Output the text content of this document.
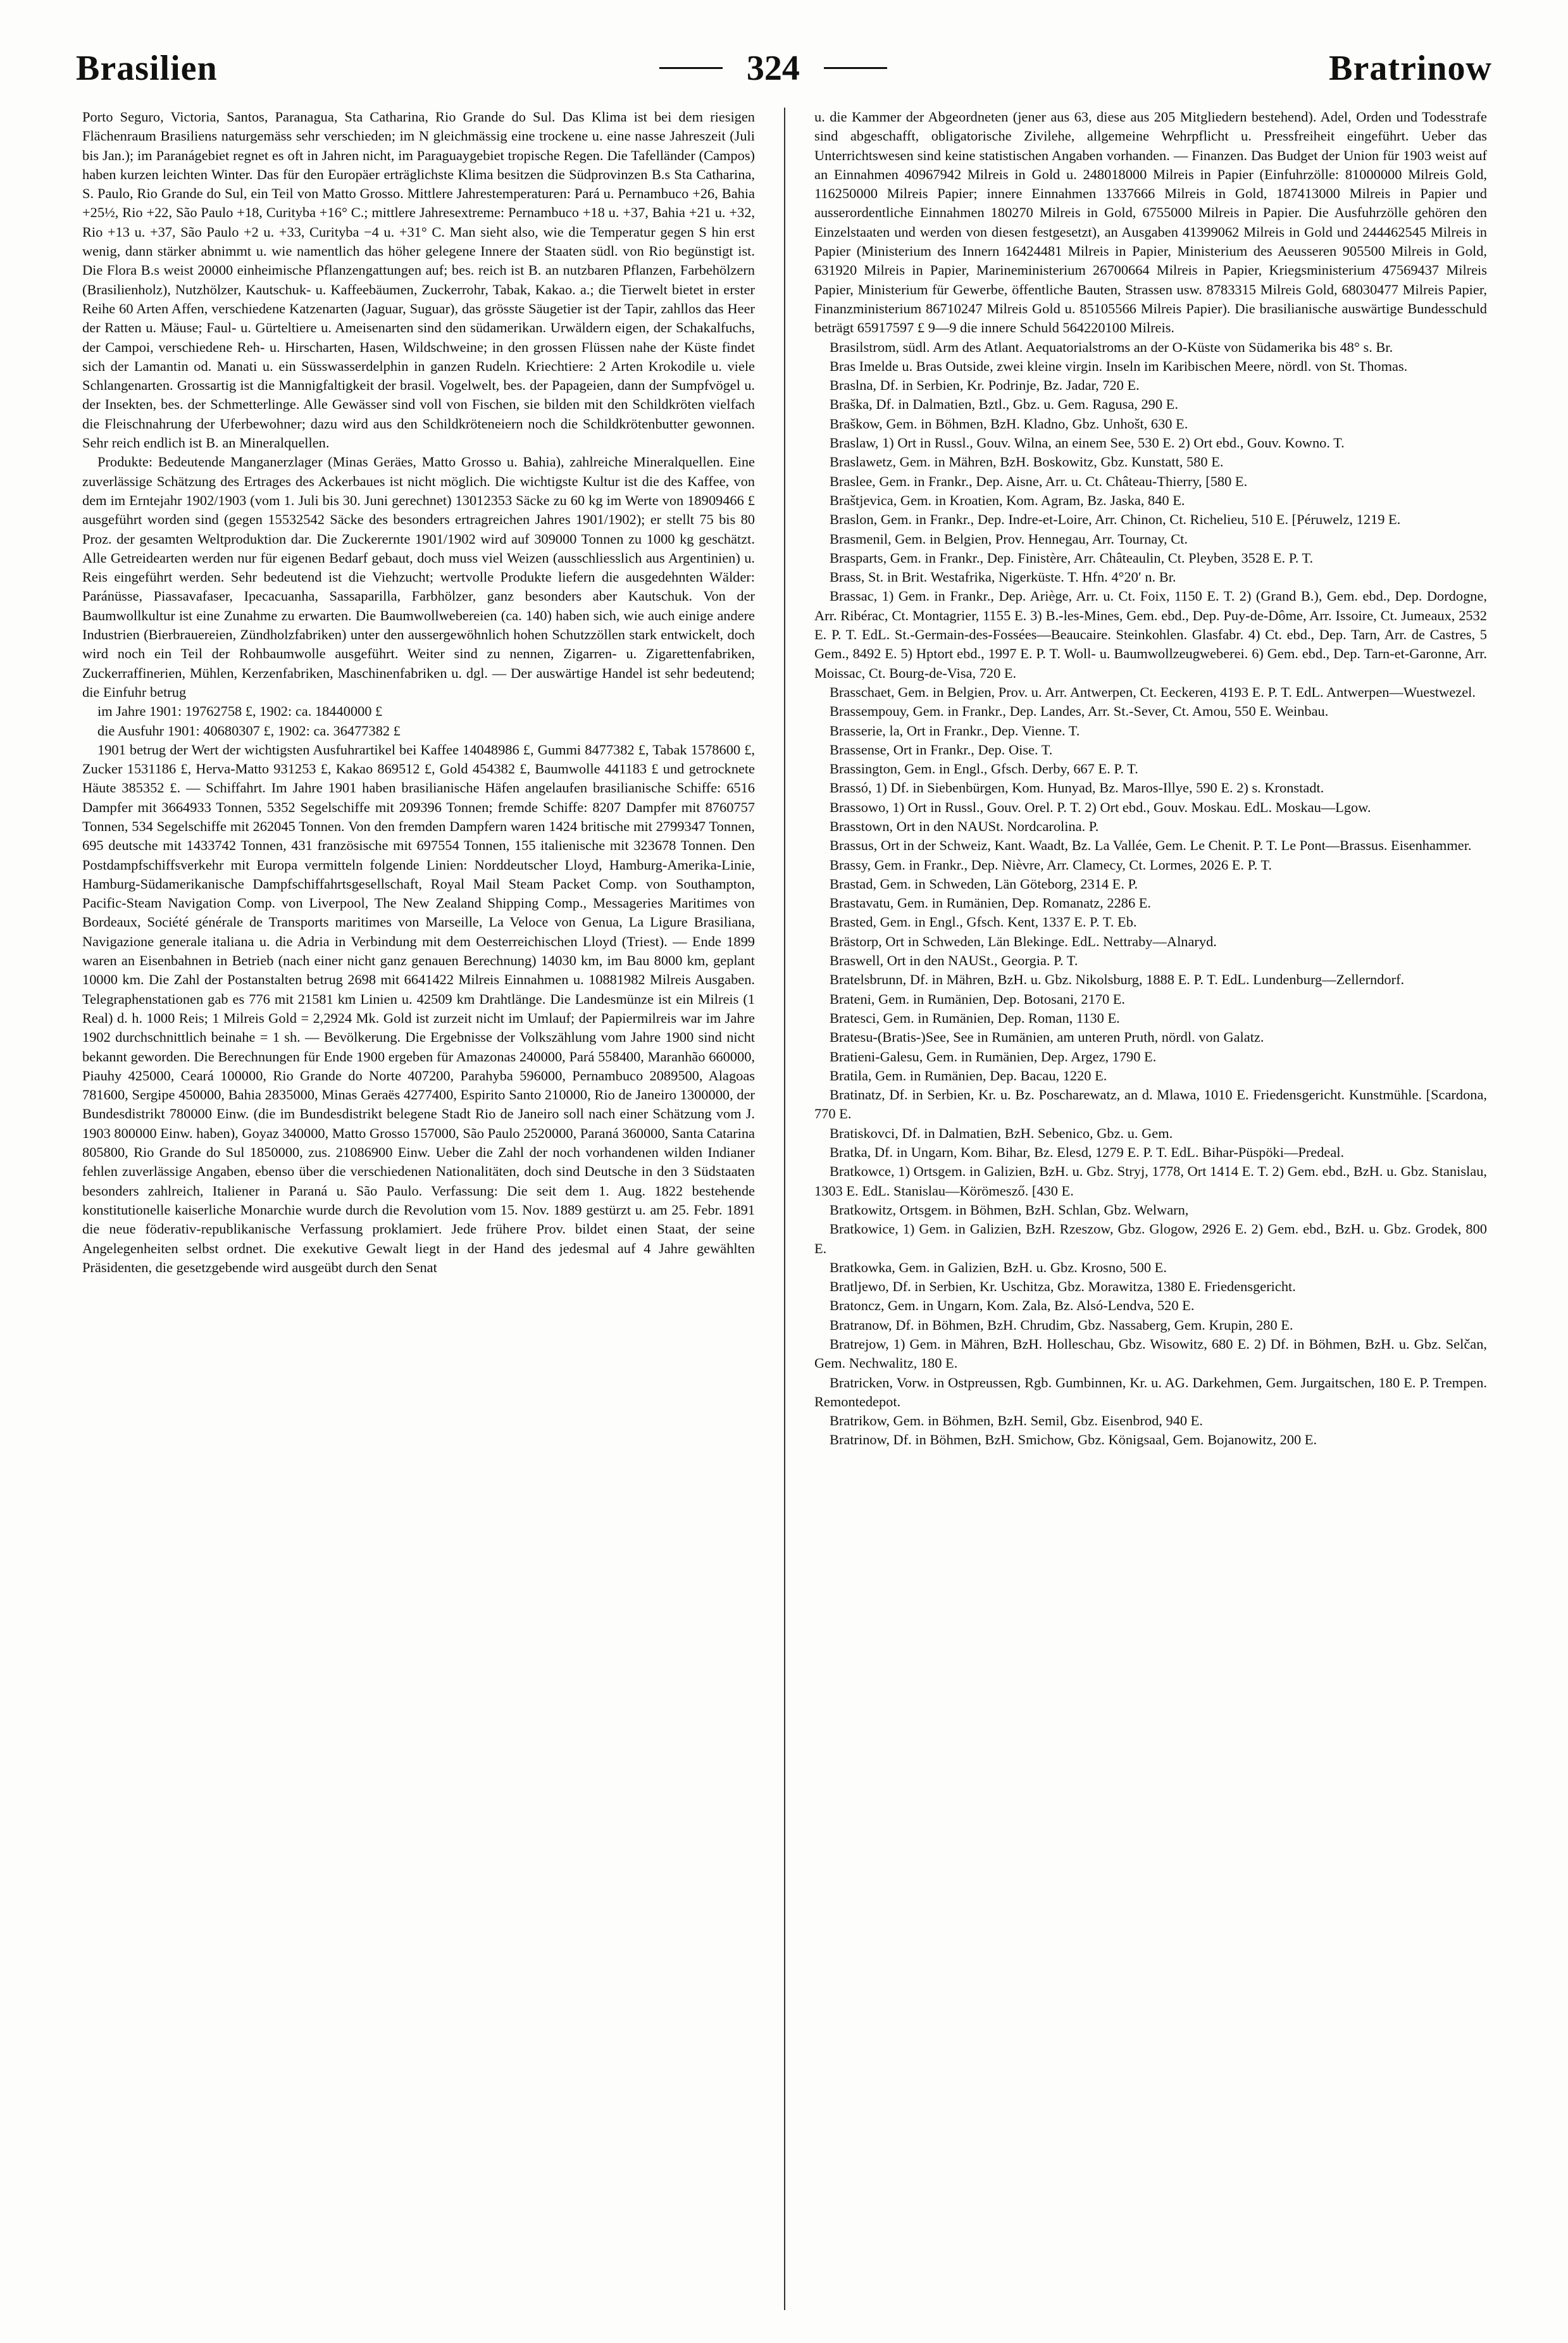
Brasilien	324	Bratrinow

Porto Seguro, Victoria, Santos, Paranagua, Sta Catharina, Rio Grande do Sul. Das Klima ist bei dem riesigen Flächenraum Brasiliens naturgemäss sehr verschieden; im N gleichmässig eine trockene u. eine nasse Jahreszeit (Juli bis Jan.); im Paranágebiet regnet es oft in Jahren nicht, im Paraguaygebiet tropische Regen. Die Tafelländer (Campos) haben kurzen leichten Winter. Das für den Europäer erträglichste Klima besitzen die Südprovinzen B.s Sta Catharina, S. Paulo, Rio Grande do Sul, ein Teil von Matto Grosso. Mittlere Jahrestemperaturen: Pará u. Pernambuco +26, Bahia +25½, Rio +22, São Paulo +18, Curityba +16° C.; mittlere Jahresextreme: Pernambuco +18 u. +37, Bahia +21 u. +32, Rio +13 u. +37, São Paulo +2 u. +33, Curityba −4 u. +31° C. Man sieht also, wie die Temperatur gegen S hin erst wenig, dann stärker abnimmt u. wie namentlich das höher gelegene Innere der Staaten südl. von Rio begünstigt ist. Die Flora B.s weist 20000 einheimische Pflanzengattungen auf; bes. reich ist B. an nutzbaren Pflanzen, Farbehölzern (Brasilienholz), Nutzhölzer, Kautschuk- u. Kaffeebäumen, Zuckerrohr, Tabak, Kakao. a.; die Tierwelt bietet in erster Reihe 60 Arten Affen, verschiedene Katzenarten (Jaguar, Suguar), das grösste Säugetier ist der Tapir, zahllos das Heer der Ratten u. Mäuse; Faul- u. Gürteltiere u. Ameisenarten sind den südamerikan. Urwäldern eigen, der Schakalfuchs, der Campoi, verschiedene Reh- u. Hirscharten, Hasen, Wildschweine; in den grossen Flüssen nahe der Küste findet sich der Lamantin od. Manati u. ein Süsswasserdelphin in ganzen Rudeln. Kriechtiere: 2 Arten Krokodile u. viele Schlangenarten. Grossartig ist die Mannigfaltigkeit der brasil. Vogelwelt, bes. der Papageien, dann der Sumpfvögel u. der Insekten, bes. der Schmetterlinge. Alle Gewässer sind voll von Fischen, sie bilden mit den Schildkröten vielfach die Fleischnahrung der Uferbewohner; dazu wird aus den Schildkröteneiern noch die Schildkrötenbutter gewonnen. Sehr reich endlich ist B. an Mineralquellen.

Produkte: Bedeutende Manganerzlager (Minas Geräes, Matto Grosso u. Bahia), zahlreiche Mineralquellen. Eine zuverlässige Schätzung des Ertrages des Ackerbaues ist nicht möglich. Die wichtigste Kultur ist die des Kaffee, von dem im Erntejahr 1902/1903 (vom 1. Juli bis 30. Juni gerechnet) 13012353 Säcke zu 60 kg im Werte von 18909466 £ ausgeführt worden sind (gegen 15532542 Säcke des besonders ertragreichen Jahres 1901/1902); er stellt 75 bis 80 Proz. der gesamten Weltproduktion dar. Die Zuckerernte 1901/1902 wird auf 309000 Tonnen zu 1000 kg geschätzt. Alle Getreidearten werden nur für eigenen Bedarf gebaut, doch muss viel Weizen (ausschliesslich aus Argentinien) u. Reis eingeführt werden. Sehr bedeutend ist die Viehzucht; wertvolle Produkte liefern die ausgedehnten Wälder: Paránüsse, Piassavafaser, Ipecacuanha, Sassaparilla, Farbhölzer, ganz besonders aber Kautschuk. Von der Baumwollkultur ist eine Zunahme zu erwarten. Die Baumwollwebereien (ca. 140) haben sich, wie auch einige andere Industrien (Bierbrauereien, Zündholzfabriken) unter den aussergewöhnlich hohen Schutzzöllen stark entwickelt, doch wird noch ein Teil der Rohbaumwolle ausgeführt. Weiter sind zu nennen, Zigarren- u. Zigarettenfabriken, Zuckerraffinerien, Mühlen, Kerzenfabriken, Maschinenfabriken u. dgl. — Der auswärtige Handel ist sehr bedeutend; die Einfuhr betrug

im Jahre 1901: 19762758 £, 1902: ca. 18440000 £

die Ausfuhr 1901: 40680307 £, 1902: ca. 36477382 £

1901 betrug der Wert der wichtigsten Ausfuhrartikel bei Kaffee 14048986 £, Gummi 8477382 £, Tabak 1578600 £, Zucker 1531186 £, Herva-Matto 931253 £, Kakao 869512 £, Gold 454382 £, Baumwolle 441183 £ und getrocknete Häute 385352 £. — Schiffahrt. Im Jahre 1901 haben brasilianische Häfen angelaufen brasilianische Schiffe: 6516 Dampfer mit 3664933 Tonnen, 5352 Segelschiffe mit 209396 Tonnen; fremde Schiffe: 8207 Dampfer mit 8760757 Tonnen, 534 Segelschiffe mit 262045 Tonnen. Von den fremden Dampfern waren 1424 britische mit 2799347 Tonnen, 695 deutsche mit 1433742 Tonnen, 431 französische mit 697554 Tonnen, 155 italienische mit 323678 Tonnen. Den Postdampfschiffsverkehr mit Europa vermitteln folgende Linien: Norddeutscher Lloyd, Hamburg-Amerika-Linie, Hamburg-Südamerikanische Dampfschiffahrtsgesellschaft, Royal Mail Steam Packet Comp. von Southampton, Pacific-Steam Navigation Comp. von Liverpool, The New Zealand Shipping Comp., Messageries Maritimes von Bordeaux, Société générale de Transports maritimes von Marseille, La Veloce von Genua, La Ligure Brasiliana, Navigazione generale italiana u. die Adria in Verbindung mit dem Oesterreichischen Lloyd (Triest). — Ende 1899 waren an Eisenbahnen in Betrieb (nach einer nicht ganz genauen Berechnung) 14030 km, im Bau 8000 km, geplant 10000 km. Die Zahl der Postanstalten betrug 2698 mit 6641422 Milreis Einnahmen u. 10881982 Milreis Ausgaben. Telegraphenstationen gab es 776 mit 21581 km Linien u. 42509 km Drahtlänge. Die Landesmünze ist ein Milreis (1 Real) d. h. 1000 Reis; 1 Milreis Gold = 2,2924 Mk. Gold ist zurzeit nicht im Umlauf; der Papiermilreis war im Jahre 1902 durchschnittlich beinahe = 1 sh. — Bevölkerung. Die Ergebnisse der Volkszählung vom Jahre 1900 sind nicht bekannt geworden. Die Berechnungen für Ende 1900 ergeben für Amazonas 240000, Pará 558400, Maranhão 660000, Piauhy 425000, Ceará 100000, Rio Grande do Norte 407200, Parahyba 596000, Pernambuco 2089500, Alagoas 781600, Sergipe 450000, Bahia 2835000, Minas Geraës 4277400, Espirito Santo 210000, Rio de Janeiro 1300000, der Bundesdistrikt 780000 Einw. (die im Bundesdistrikt belegene Stadt Rio de Janeiro soll nach einer Schätzung vom J. 1903 800000 Einw. haben), Goyaz 340000, Matto Grosso 157000, São Paulo 2520000, Paraná 360000, Santa Catarina 805800, Rio Grande do Sul 1850000, zus. 21086900 Einw. Ueber die Zahl der noch vorhandenen wilden Indianer fehlen zuverlässige Angaben, ebenso über die verschiedenen Nationalitäten, doch sind Deutsche in den 3 Südstaaten besonders zahlreich, Italiener in Paraná u. São Paulo. Verfassung: Die seit dem 1. Aug. 1822 bestehende konstitutionelle kaiserliche Monarchie wurde durch die Revolution vom 15. Nov. 1889 gestürzt u. am 25. Febr. 1891 die neue föderativ-republikanische Verfassung proklamiert. Jede frühere Prov. bildet einen Staat, der seine Angelegenheiten selbst ordnet. Die exekutive Gewalt liegt in der Hand des jedesmal auf 4 Jahre gewählten Präsidenten, die gesetzgebende wird ausgeübt durch den Senat

u. die Kammer der Abgeordneten (jener aus 63, diese aus 205 Mitgliedern bestehend). Adel, Orden und Todesstrafe sind abgeschafft, obligatorische Zivilehe, allgemeine Wehrpflicht u. Pressfreiheit eingeführt. Ueber das Unterrichtswesen sind keine statistischen Angaben vorhanden. — Finanzen. Das Budget der Union für 1903 weist auf an Einnahmen 40967942 Milreis in Gold u. 248018000 Milreis in Papier (Einfuhrzölle: 81000000 Milreis Gold, 116250000 Milreis Papier; innere Einnahmen 1337666 Milreis in Gold, 187413000 Milreis in Papier und ausserordentliche Einnahmen 180270 Milreis in Gold, 6755000 Milreis in Papier. Die Ausfuhrzölle gehören den Einzelstaaten und werden von diesen festgesetzt), an Ausgaben 41399062 Milreis in Gold und 244462545 Milreis in Papier (Ministerium des Innern 16424481 Milreis in Papier, Ministerium des Aeusseren 905500 Milreis in Gold, 631920 Milreis in Papier, Marineministerium 26700664 Milreis in Papier, Kriegsministerium 47569437 Milreis Papier, Ministerium für Gewerbe, öffentliche Bauten, Strassen usw. 8783315 Milreis Gold, 68030477 Milreis Papier, Finanzministerium 86710247 Milreis Gold u. 85105566 Milreis Papier). Die brasilianische auswärtige Bundesschuld beträgt 65917597 £ 9—9 die innere Schuld 564220100 Milreis.

Brasilstrom, südl. Arm des Atlant. Aequatorialstroms an der O-Küste von Südamerika bis 48° s. Br.

Bras Imelde u. Bras Outside, zwei kleine virgin. Inseln im Karibischen Meere, nördl. von St. Thomas.

Braslna, Df. in Serbien, Kr. Podrinje, Bz. Jadar, 720 E.

Braška, Df. in Dalmatien, Bztl., Gbz. u. Gem. Ragusa, 290 E.

Braškow, Gem. in Böhmen, BzH. Kladno, Gbz. Unhošt, 630 E.

Braslaw, 1) Ort in Russl., Gouv. Wilna, an einem See, 530 E. 2) Ort ebd., Gouv. Kowno. T.

Braslawetz, Gem. in Mähren, BzH. Boskowitz, Gbz. Kunstatt, 580 E.

Braslee, Gem. in Frankr., Dep. Aisne, Arr. u. Ct. Château-Thierry, [580 E.

Braštjevica, Gem. in Kroatien, Kom. Agram, Bz. Jaska, 840 E.

Braslon, Gem. in Frankr., Dep. Indre-et-Loire, Arr. Chinon, Ct. Richelieu, 510 E. [Péruwelz, 1219 E.

Brasmenil, Gem. in Belgien, Prov. Hennegau, Arr. Tournay, Ct.

Brasparts, Gem. in Frankr., Dep. Finistère, Arr. Châteaulin, Ct. Pleyben, 3528 E. P. T.

Brass, St. in Brit. Westafrika, Nigerküste. T. Hfn. 4°20′ n. Br.

Brassac, 1) Gem. in Frankr., Dep. Ariège, Arr. u. Ct. Foix, 1150 E. T. 2) (Grand B.), Gem. ebd., Dep. Dordogne, Arr. Ribérac, Ct. Montagrier, 1155 E. 3) B.-les-Mines, Gem. ebd., Dep. Puy-de-Dôme, Arr. Issoire, Ct. Jumeaux, 2532 E. P. T. EdL. St.-Germain-des-Fossées—Beaucaire. Steinkohlen. Glasfabr. 4) Ct. ebd., Dep. Tarn, Arr. de Castres, 5 Gem., 8492 E. 5) Hptort ebd., 1997 E. P. T. Woll- u. Baumwollzeugweberei. 6) Gem. ebd., Dep. Tarn-et-Garonne, Arr. Moissac, Ct. Bourg-de-Visa, 720 E.

Brasschaet, Gem. in Belgien, Prov. u. Arr. Antwerpen, Ct. Eeckeren, 4193 E. P. T. EdL. Antwerpen—Wuestwezel.

Brassempouy, Gem. in Frankr., Dep. Landes, Arr. St.-Sever, Ct. Amou, 550 E. Weinbau.

Brasserie, la, Ort in Frankr., Dep. Vienne. T.

Brassense, Ort in Frankr., Dep. Oise. T.

Brassington, Gem. in Engl., Gfsch. Derby, 667 E. P. T.

Brassó, 1) Df. in Siebenbürgen, Kom. Hunyad, Bz. Maros-Illye, 590 E. 2) s. Kronstadt.

Brassowo, 1) Ort in Russl., Gouv. Orel. P. T. 2) Ort ebd., Gouv. Moskau. EdL. Moskau—Lgow.

Brasstown, Ort in den NAUSt. Nordcarolina. P.

Brassus, Ort in der Schweiz, Kant. Waadt, Bz. La Vallée, Gem. Le Chenit. P. T. Le Pont—Brassus. Eisenhammer.

Brassy, Gem. in Frankr., Dep. Nièvre, Arr. Clamecy, Ct. Lormes, 2026 E. P. T.

Brastad, Gem. in Schweden, Län Göteborg, 2314 E. P.

Brastavatu, Gem. in Rumänien, Dep. Romanatz, 2286 E.

Brasted, Gem. in Engl., Gfsch. Kent, 1337 E. P. T. Eb.

Brästorp, Ort in Schweden, Län Blekinge. EdL. Nettraby—Alnaryd.

Braswell, Ort in den NAUSt., Georgia. P. T.

Bratelsbrunn, Df. in Mähren, BzH. u. Gbz. Nikolsburg, 1888 E. P. T. EdL. Lundenburg—Zellerndorf.

Brateni, Gem. in Rumänien, Dep. Botosani, 2170 E.

Bratesci, Gem. in Rumänien, Dep. Roman, 1130 E.

Bratesu-(Bratis-)See, See in Rumänien, am unteren Pruth, nördl. von Galatz.

Bratieni-Galesu, Gem. in Rumänien, Dep. Argez, 1790 E.

Bratila, Gem. in Rumänien, Dep. Bacau, 1220 E.

Bratinatz, Df. in Serbien, Kr. u. Bz. Poscharewatz, an d. Mlawa, 1010 E. Friedensgericht. Kunstmühle. [Scardona, 770 E.

Bratiskovci, Df. in Dalmatien, BzH. Sebenico, Gbz. u. Gem.

Bratka, Df. in Ungarn, Kom. Bihar, Bz. Elesd, 1279 E. P. T. EdL. Bihar-Püspöki—Predeal.

Bratkowce, 1) Ortsgem. in Galizien, BzH. u. Gbz. Stryj, 1778, Ort 1414 E. T. 2) Gem. ebd., BzH. u. Gbz. Stanislau, 1303 E. EdL. Stanislau—Körömesző. [430 E.

Bratkowitz, Ortsgem. in Böhmen, BzH. Schlan, Gbz. Welwarn,

Bratkowice, 1) Gem. in Galizien, BzH. Rzeszow, Gbz. Glogow, 2926 E. 2) Gem. ebd., BzH. u. Gbz. Grodek, 800 E.

Bratkowka, Gem. in Galizien, BzH. u. Gbz. Krosno, 500 E.

Bratljewo, Df. in Serbien, Kr. Uschitza, Gbz. Morawitza, 1380 E. Friedensgericht.

Bratoncz, Gem. in Ungarn, Kom. Zala, Bz. Alsó-Lendva, 520 E.

Bratranow, Df. in Böhmen, BzH. Chrudim, Gbz. Nassaberg, Gem. Krupin, 280 E.

Bratrejow, 1) Gem. in Mähren, BzH. Holleschau, Gbz. Wisowitz, 680 E. 2) Df. in Böhmen, BzH. u. Gbz. Selčan, Gem. Nechwalitz, 180 E.

Bratricken, Vorw. in Ostpreussen, Rgb. Gumbinnen, Kr. u. AG. Darkehmen, Gem. Jurgaitschen, 180 E. P. Trempen. Remontedepot.

Bratrikow, Gem. in Böhmen, BzH. Semil, Gbz. Eisenbrod, 940 E.

Bratrinow, Df. in Böhmen, BzH. Smichow, Gbz. Königsaal, Gem. Bojanowitz, 200 E.
